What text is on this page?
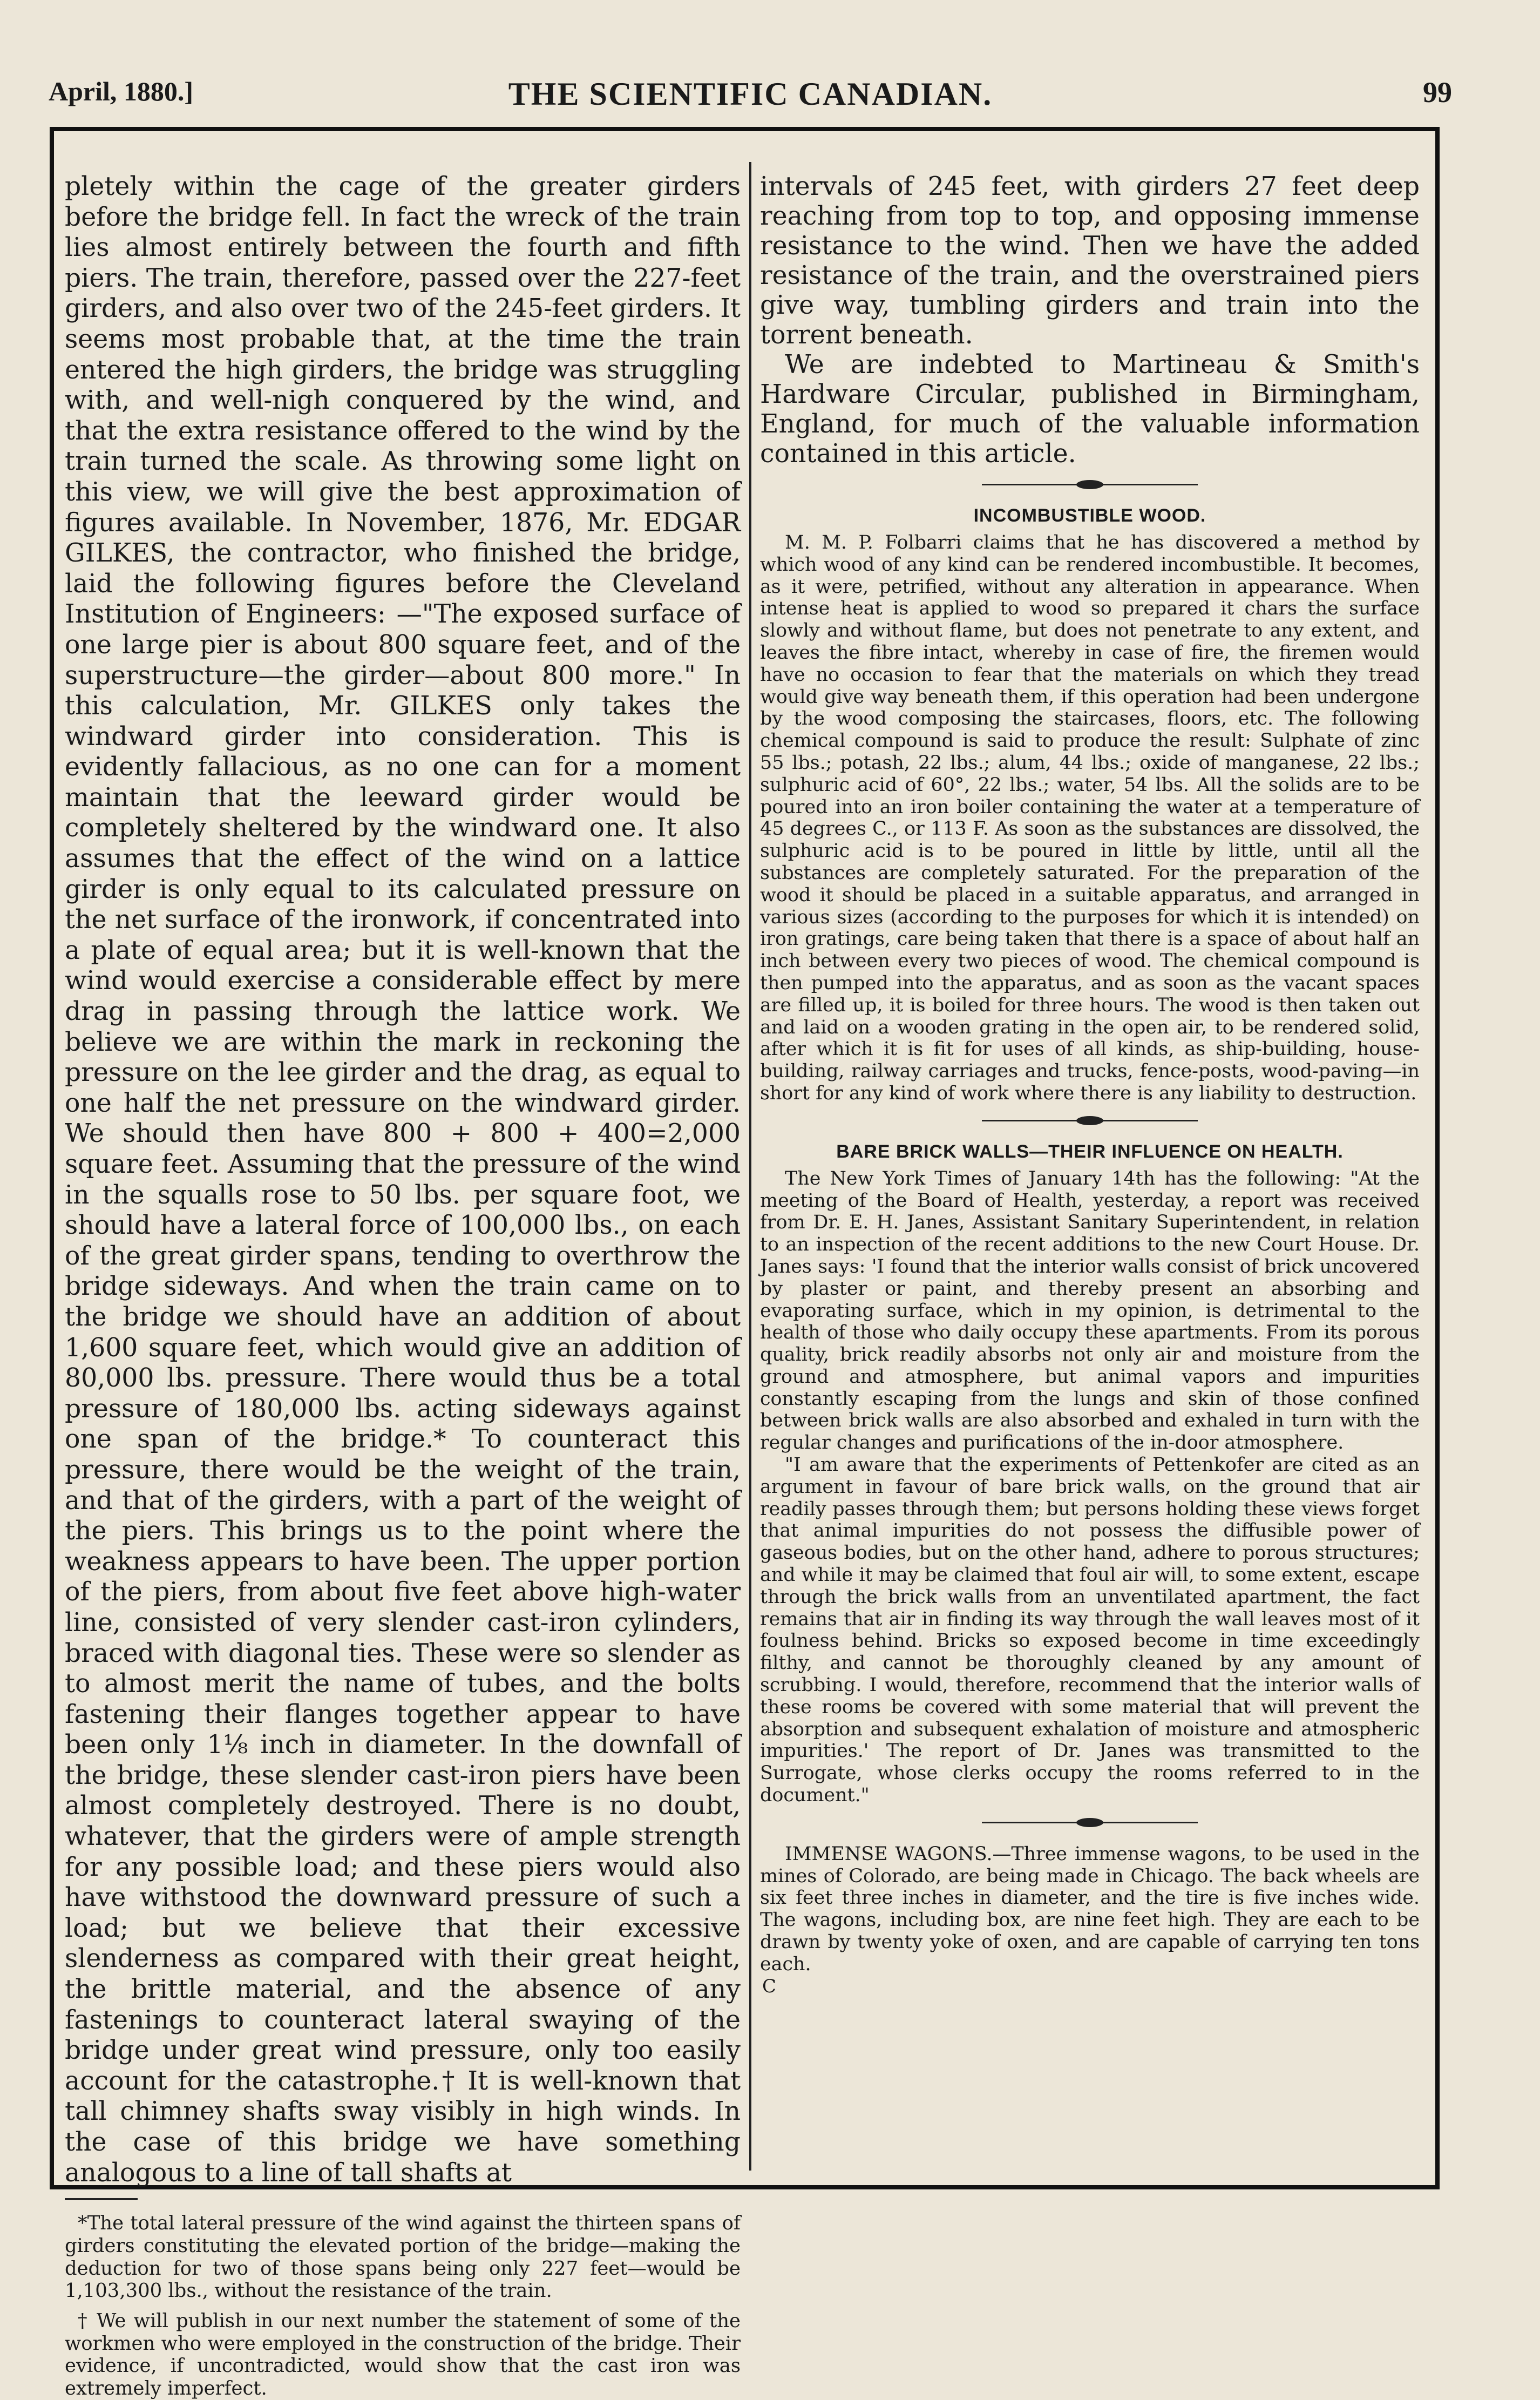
April, 1880.]	THE SCIENTIFIC CANADIAN.	99

pletely within the cage of the greater girders before the bridge fell. In fact the wreck of the train lies almost entirely between the fourth and fifth piers. The train, therefore, passed over the 227-feet girders, and also over two of the 245-feet girders. It seems most probable that, at the time the train entered the high girders, the bridge was struggling with, and well-nigh conquered by the wind, and that the extra resistance offered to the wind by the train turned the scale. As throwing some light on this view, we will give the best approximation of figures available. In November, 1876, Mr. EDGAR GILKES, the contractor, who finished the bridge, laid the following figures before the Cleveland Institution of Engineers: —"The exposed surface of one large pier is about 800 square feet, and of the superstructure—the girder—about 800 more." In this calculation, Mr. GILKES only takes the windward girder into consideration. This is evidently fallacious, as no one can for a moment maintain that the leeward girder would be completely sheltered by the windward one. It also assumes that the effect of the wind on a lattice girder is only equal to its calculated pressure on the net surface of the ironwork, if concentrated into a plate of equal area; but it is well-known that the wind would exercise a considerable effect by mere drag in passing through the lattice work. We believe we are within the mark in reckoning the pressure on the lee girder and the drag, as equal to one half the net pressure on the windward girder. We should then have 800 + 800 + 400=2,000 square feet. Assuming that the pressure of the wind in the squalls rose to 50 lbs. per square foot, we should have a lateral force of 100,000 lbs., on each of the great girder spans, tending to overthrow the bridge sideways. And when the train came on to the bridge we should have an addition of about 1,600 square feet, which would give an addition of 80,000 lbs. pressure. There would thus be a total pressure of 180,000 lbs. acting sideways against one span of the bridge.* To counteract this pressure, there would be the weight of the train, and that of the girders, with a part of the weight of the piers. This brings us to the point where the weakness appears to have been. The upper portion of the piers, from about five feet above high-water line, consisted of very slender cast-iron cylinders, braced with diagonal ties. These were so slender as to almost merit the name of tubes, and the bolts fastening their flanges together appear to have been only 1⅛ inch in diameter. In the downfall of the bridge, these slender cast-iron piers have been almost completely destroyed. There is no doubt, whatever, that the girders were of ample strength for any possible load; and these piers would also have withstood the downward pressure of such a load; but we believe that their excessive slenderness as compared with their great height, the brittle material, and the absence of any fastenings to counteract lateral swaying of the bridge under great wind pressure, only too easily account for the catastrophe.† It is well-known that tall chimney shafts sway visibly in high winds. In the case of this bridge we have something analogous to a line of tall shafts at

*The total lateral pressure of the wind against the thirteen spans of girders constituting the elevated portion of the bridge—making the deduction for two of those spans being only 227 feet—would be 1,103,300 lbs., without the resistance of the train.

† We will publish in our next number the statement of some of the workmen who were employed in the construction of the bridge. Their evidence, if uncontradicted, would show that the cast iron was extremely imperfect.

intervals of 245 feet, with girders 27 feet deep reaching from top to top, and opposing immense resistance to the wind. Then we have the added resistance of the train, and the overstrained piers give way, tumbling girders and train into the torrent beneath.

We are indebted to Martineau & Smith's Hardware Circular, published in Birmingham, England, for much of the valuable information contained in this article.

INCOMBUSTIBLE WOOD.

M. M. P. Folbarri claims that he has discovered a method by which wood of any kind can be rendered incombustible. It becomes, as it were, petrified, without any alteration in appearance. When intense heat is applied to wood so prepared it chars the surface slowly and without flame, but does not penetrate to any extent, and leaves the fibre intact, whereby in case of fire, the firemen would have no occasion to fear that the materials on which they tread would give way beneath them, if this operation had been undergone by the wood composing the staircases, floors, etc. The following chemical compound is said to produce the result: Sulphate of zinc 55 lbs.; potash, 22 lbs.; alum, 44 lbs.; oxide of manganese, 22 lbs.; sulphuric acid of 60°, 22 lbs.; water, 54 lbs. All the solids are to be poured into an iron boiler containing the water at a temperature of 45 degrees C., or 113 F. As soon as the substances are dissolved, the sulphuric acid is to be poured in little by little, until all the substances are completely saturated. For the preparation of the wood it should be placed in a suitable apparatus, and arranged in various sizes (according to the purposes for which it is intended) on iron gratings, care being taken that there is a space of about half an inch between every two pieces of wood. The chemical compound is then pumped into the apparatus, and as soon as the vacant spaces are filled up, it is boiled for three hours. The wood is then taken out and laid on a wooden grating in the open air, to be rendered solid, after which it is fit for uses of all kinds, as ship-building, house-building, railway carriages and trucks, fence-posts, wood-paving—in short for any kind of work where there is any liability to destruction.

BARE BRICK WALLS—THEIR INFLUENCE ON HEALTH.

The New York Times of January 14th has the following: "At the meeting of the Board of Health, yesterday, a report was received from Dr. E. H. Janes, Assistant Sanitary Superintendent, in relation to an inspection of the recent additions to the new Court House. Dr. Janes says: 'I found that the interior walls consist of brick uncovered by plaster or paint, and thereby present an absorbing and evaporating surface, which in my opinion, is detrimental to the health of those who daily occupy these apartments. From its porous quality, brick readily absorbs not only air and moisture from the ground and atmosphere, but animal vapors and impurities constantly escaping from the lungs and skin of those confined between brick walls are also absorbed and exhaled in turn with the regular changes and purifications of the in-door atmosphere.

"I am aware that the experiments of Pettenkofer are cited as an argument in favour of bare brick walls, on the ground that air readily passes through them; but persons holding these views forget that animal impurities do not possess the diffusible power of gaseous bodies, but on the other hand, adhere to porous structures; and while it may be claimed that foul air will, to some extent, escape through the brick walls from an unventilated apartment, the fact remains that air in finding its way through the wall leaves most of it foulness behind. Bricks so exposed become in time exceedingly filthy, and cannot be thoroughly cleaned by any amount of scrubbing. I would, therefore, recommend that the interior walls of these rooms be covered with some material that will prevent the absorption and subsequent exhalation of moisture and atmospheric impurities.' The report of Dr. Janes was transmitted to the Surrogate, whose clerks occupy the rooms referred to in the document."

IMMENSE WAGONS.—Three immense wagons, to be used in the mines of Colorado, are being made in Chicago. The back wheels are six feet three inches in diameter, and the tire is five inches wide. The wagons, including box, are nine feet high. They are each to be drawn by twenty yoke of oxen, and are capable of carrying ten tons each.

C
